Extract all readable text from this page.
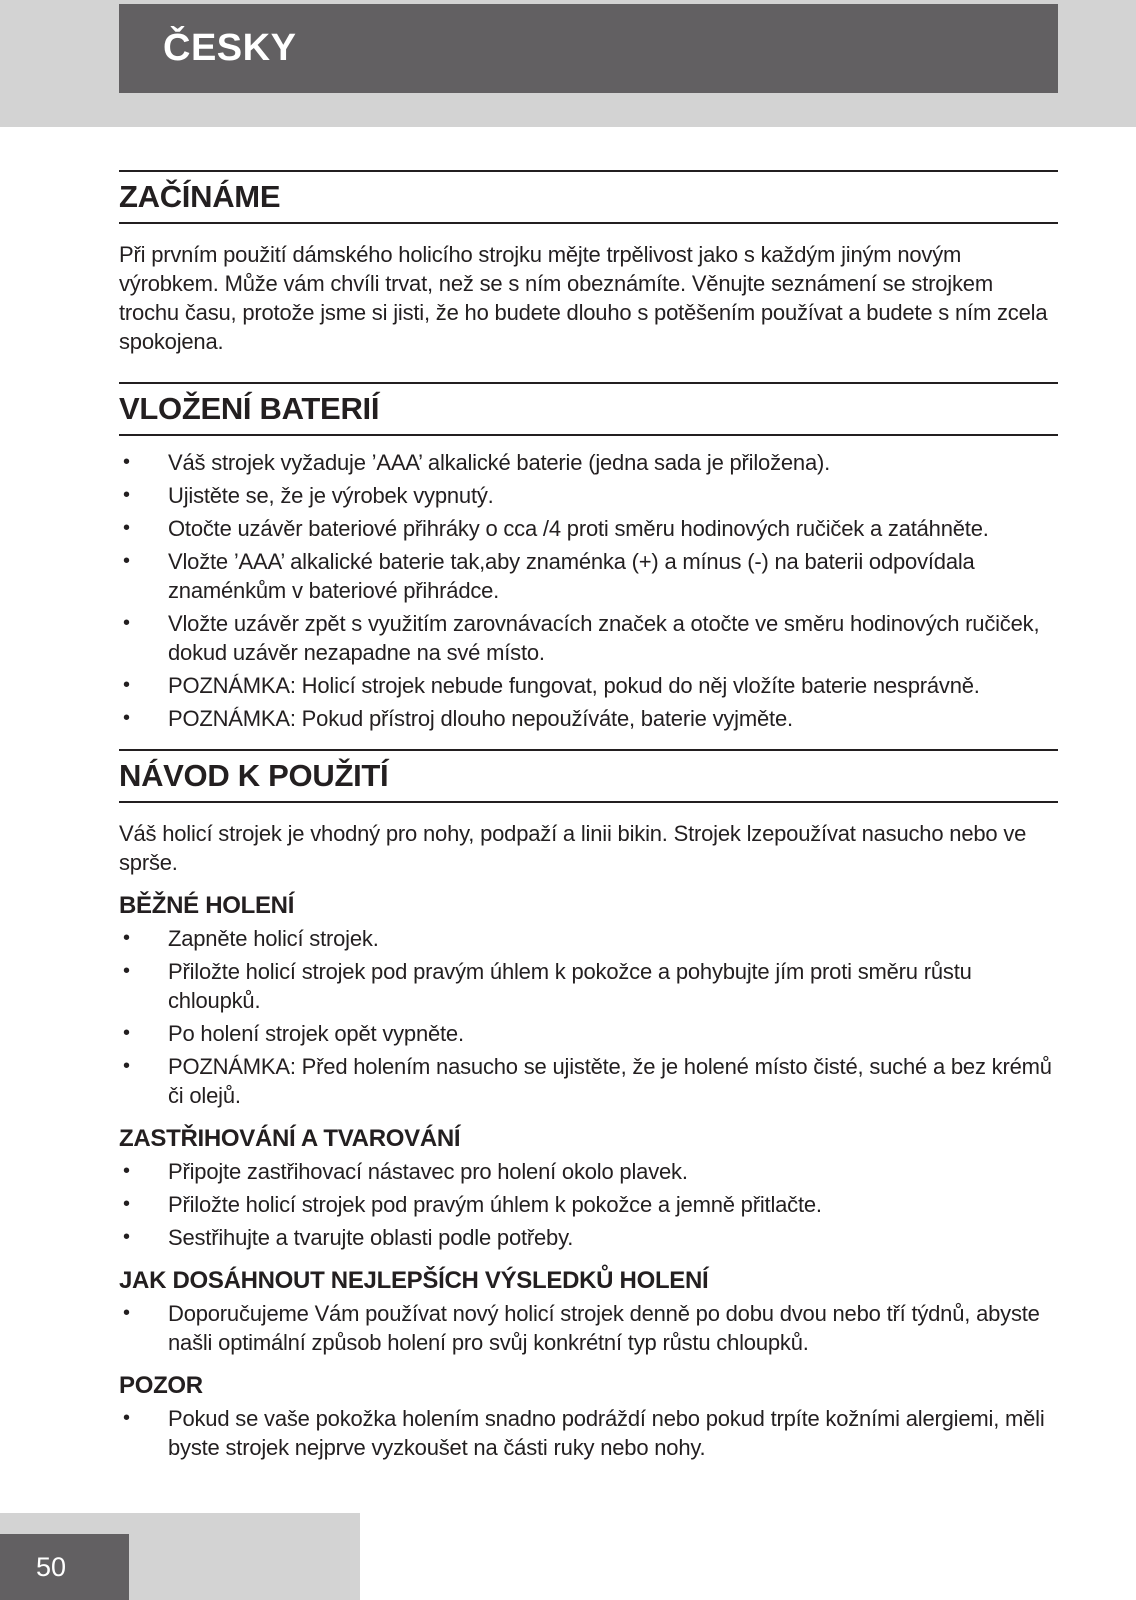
ČESKY
ZAČÍNÁME

Při prvním použití dámského holicího strojku mějte trpělivost jako s každým jiným novým výrobkem. Může vám chvíli trvat, než se s ním obeznámíte. Věnujte seznámení se strojkem trochu času, protože jsme si jisti, že ho budete dlouho s potěšením používat a budete s ním zcela spokojena.

VLOŽENÍ BATERIÍ
•	Váš strojek vyžaduje ’AAA’ alkalické baterie (jedna sada je přiložena).
•	Ujistěte se, že je výrobek vypnutý.
•	Otočte uzávěr bateriové přihráky o cca /4 proti směru hodinových ručiček a zatáhněte.
•	Vložte ’AAA’ alkalické baterie tak,aby znaménka (+) a mínus (-) na baterii odpovídala znaménkům v bateriové přihrádce.
•	Vložte uzávěr zpět s využitím zarovnávacích značek a otočte ve směru hodinových ručiček, dokud uzávěr nezapadne na své místo.
•	POZNÁMKA: Holicí strojek nebude fungovat, pokud do něj vložíte baterie nesprávně.
•	POZNÁMKA: Pokud přístroj dlouho nepoužíváte, baterie vyjměte.
NÁVOD K POUŽITÍ

Váš holicí strojek je vhodný pro nohy, podpaží a linii bikin. Strojek lzepoužívat nasucho nebo ve sprše.

BĚŽNÉ HOLENÍ
•	Zapněte holicí strojek.
•	Přiložte holicí strojek pod pravým úhlem k pokožce a pohybujte jím proti směru růstu chloupků.
•	Po holení strojek opět vypněte.
•	POZNÁMKA: Před holením nasucho se ujistěte, že je holené místo čisté, suché a bez krémů či olejů.
ZASTŘIHOVÁNÍ A TVAROVÁNÍ
•	Připojte zastřihovací nástavec pro holení okolo plavek.
•	Přiložte holicí strojek pod pravým úhlem k pokožce a jemně přitlačte.
•	Sestřihujte a tvarujte oblasti podle potřeby.
JAK DOSÁHNOUT NEJLEPŠÍCH VÝSLEDKŮ HOLENÍ
•	Doporučujeme Vám používat nový holicí strojek denně po dobu dvou nebo tří týdnů, abyste našli optimální způsob holení pro svůj konkrétní typ růstu chloupků.
POZOR
•	Pokud se vaše pokožka holením snadno podráždí nebo pokud trpíte kožními alergiemi, měli byste strojek nejprve vyzkoušet na části ruky nebo nohy.
50
